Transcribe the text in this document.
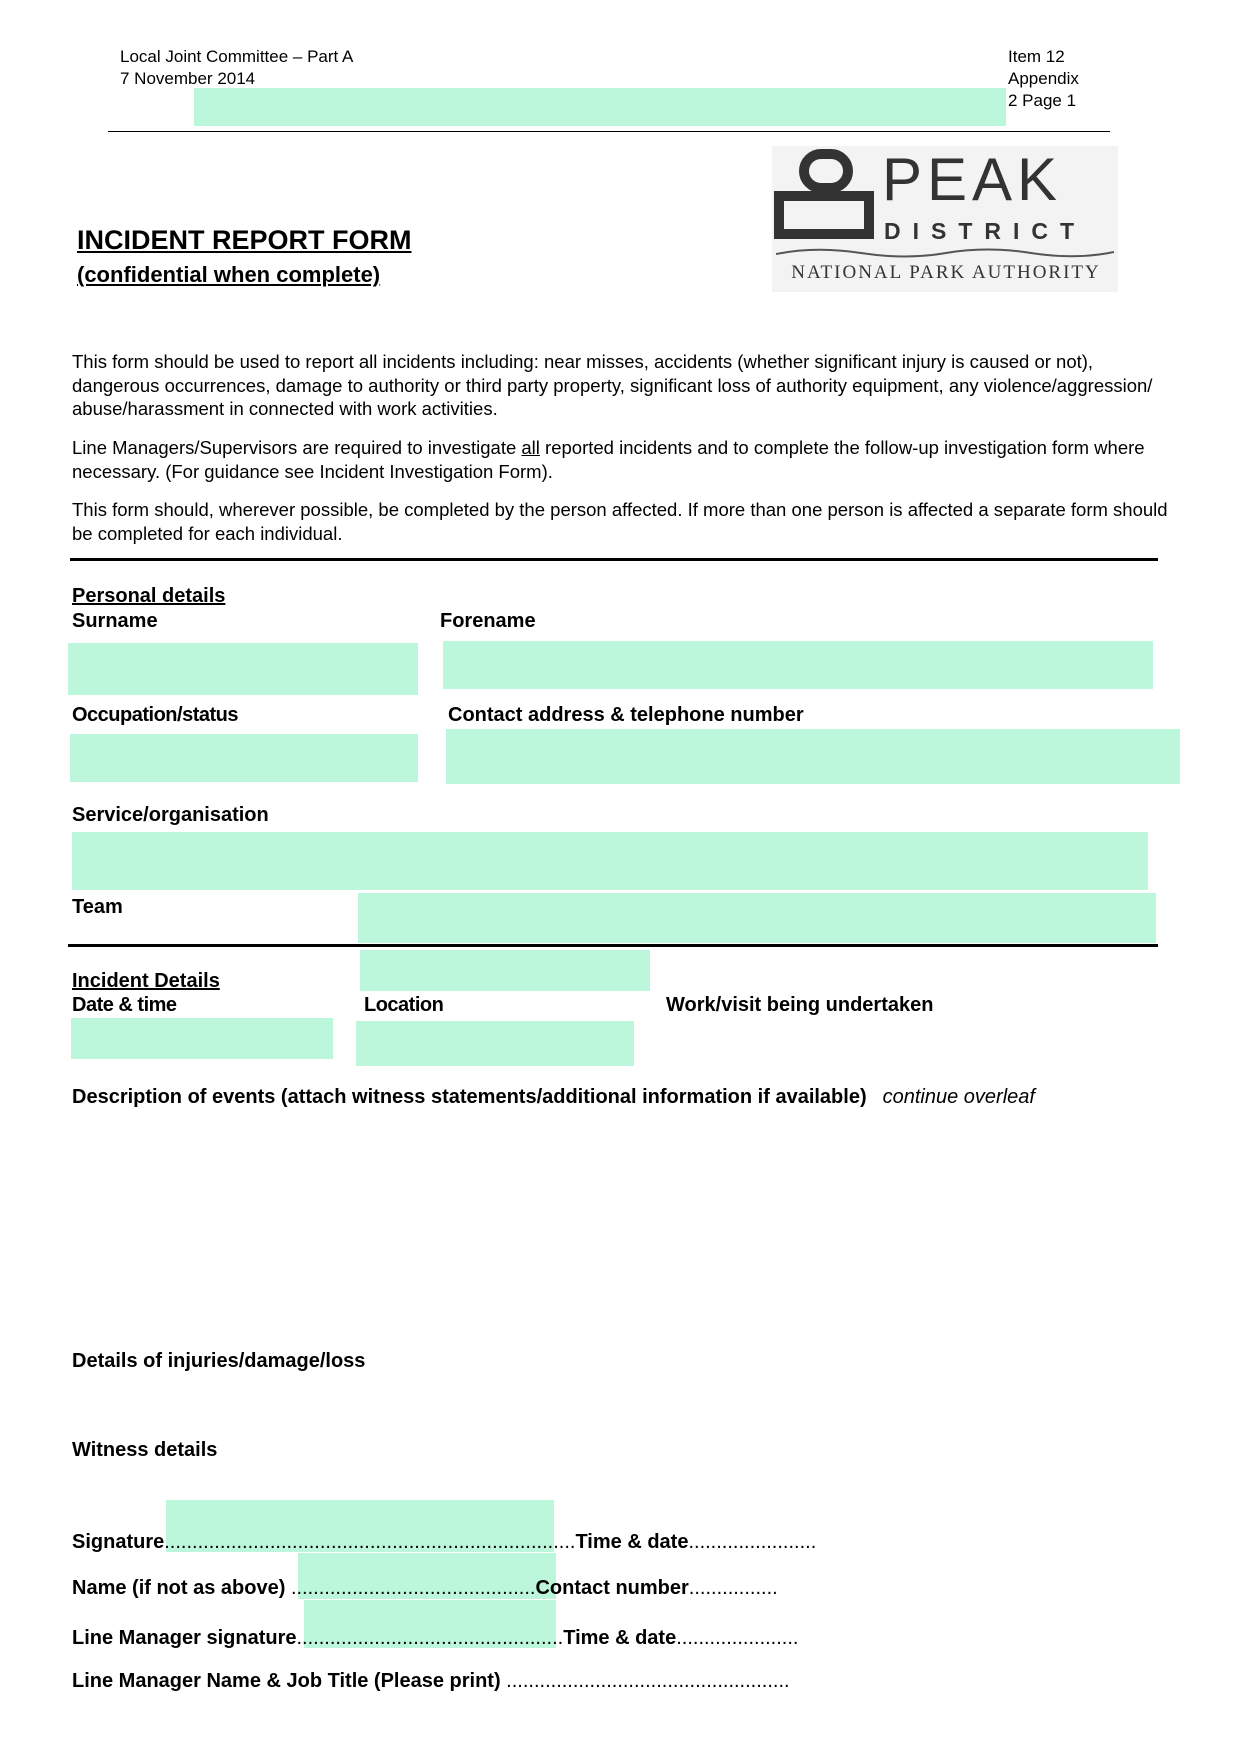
Local Joint Committee – Part A
7 November 2014
Item 12
Appendix
2 Page 1
PEAK
DISTRICT
NATIONAL PARK AUTHORITY
INCIDENT REPORT FORM
(confidential when complete)
This form should be used to report all incidents including: near misses, accidents (whether significant injury is caused or not), dangerous occurrences, damage to authority or third party property, significant loss of authority equipment, any violence/aggression/ abuse/harassment in connected with work activities.
Line Managers/Supervisors are required to investigate all reported incidents and to complete the follow-up investigation form where necessary. (For guidance see Incident Investigation Form).
This form should, wherever possible, be completed by the person affected. If more than one person is affected a separate form should be completed for each individual.
Personal details
Surname	Forename
Occupation/status	Contact address & telephone number
Service/organisation
Team
Incident Details
Date & time	Location	Work/visit being undertaken
Description of events (attach witness statements/additional information if available) continue overleaf
Details of injuries/damage/loss
Witness details
Signature..........................................................................Time & date.......................
Name (if not as above) ............................................Contact number................
Line Manager signature................................................Time & date......................
Line Manager Name & Job Title (Please print) ...................................................
